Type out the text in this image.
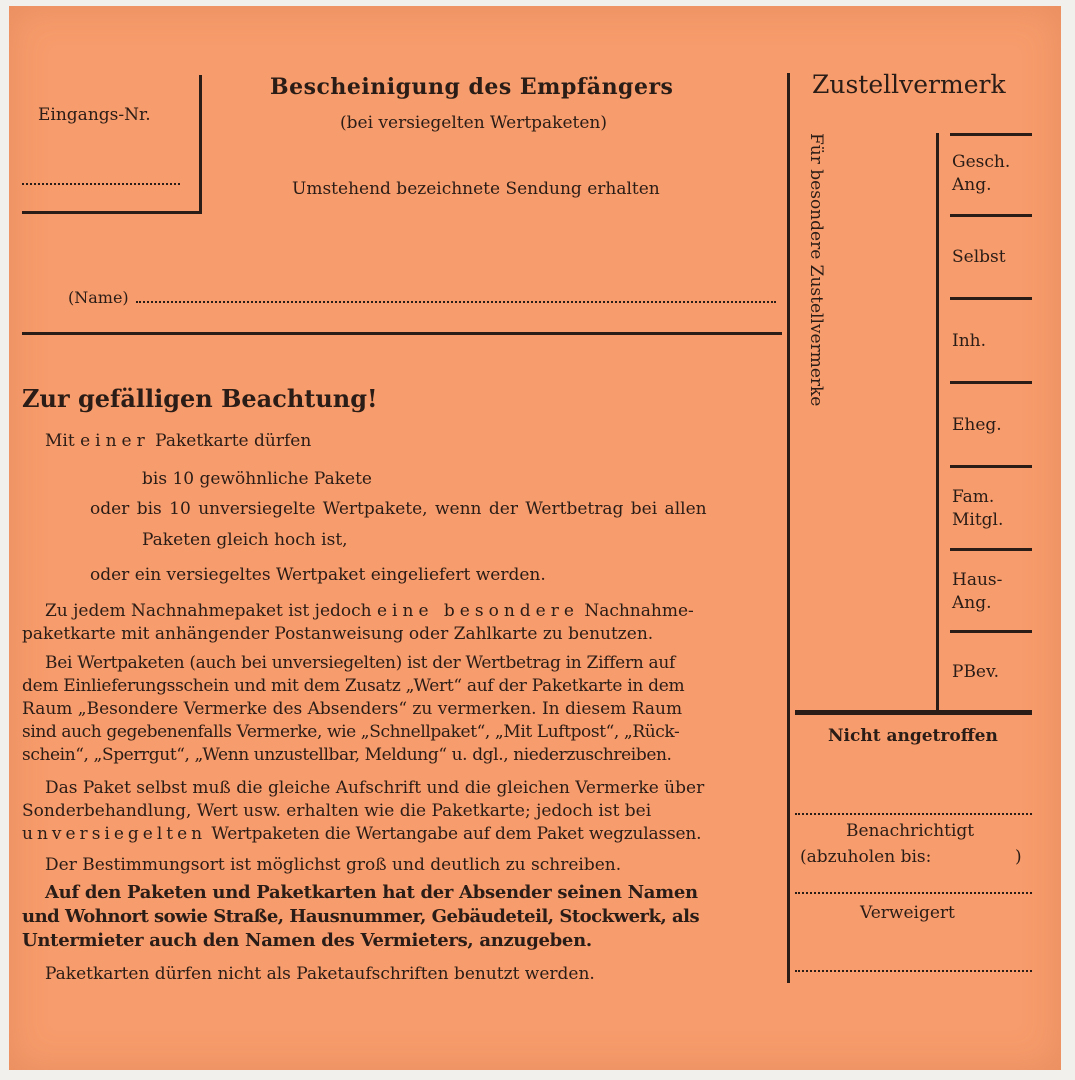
Eingangs-Nr.
Bescheinigung des Empfängers
(bei versiegelten Wertpaketen)
Umstehend bezeichnete Sendung erhalten
(Name)
Zustellvermerk
Für besondere Zustellvermerke	Gesch.
Ang.
Selbst
Inh.
Eheg.
Fam.
Mitgl.
Haus-
Ang.
PBev.
Nicht angetroffen
Benachrichtigt
(abzuholen bis:	)
Verweigert
Zur gefälligen Beachtung!
Mit einer Paketkarte dürfen
bis 10 gewöhnliche Pakete
oder bis 10 unversiegelte Wertpakete, wenn der Wertbetrag bei allen
Paketen gleich hoch ist,
oder ein versiegeltes Wertpaket eingeliefert werden.
Zu jedem Nachnahmepaket ist jedoch eine besondere Nachnahme-
paketkarte mit anhängender Postanweisung oder Zahlkarte zu benutzen.
Bei Wertpaketen (auch bei unversiegelten) ist der Wertbetrag in Ziffern auf
dem Einlieferungsschein und mit dem Zusatz „Wert“ auf der Paketkarte in dem
Raum „Besondere Vermerke des Absenders“ zu vermerken. In diesem Raum
sind auch gegebenenfalls Vermerke, wie „Schnellpaket“, „Mit Luftpost“, „Rück-
schein“, „Sperrgut“, „Wenn unzustellbar, Meldung“ u. dgl., niederzuschreiben.
Das Paket selbst muß die gleiche Aufschrift und die gleichen Vermerke über
Sonderbehandlung, Wert usw. erhalten wie die Paketkarte; jedoch ist bei
unversiegelten Wertpaketen die Wertangabe auf dem Paket wegzulassen.
Der Bestimmungsort ist möglichst groß und deutlich zu schreiben.
Auf den Paketen und Paketkarten hat der Absender seinen Namen
und Wohnort sowie Straße, Hausnummer, Gebäudeteil, Stockwerk, als
Untermieter auch den Namen des Vermieters, anzugeben.
Paketkarten dürfen nicht als Paketaufschriften benutzt werden.
